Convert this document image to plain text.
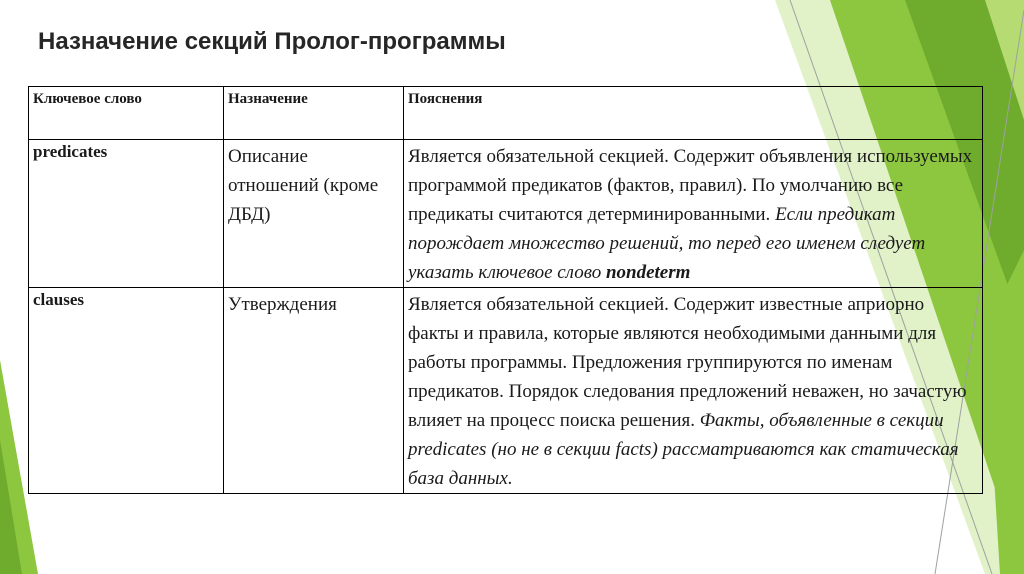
Назначение секций Пролог-программы
Ключевое слово	Назначение	Пояснения
predicates	Описание отношений (кроме ДБД)	Является обязательной секцией. Содержит объявления используемых программой предикатов (фактов, правил). По умолчанию все предикаты считаются детерминированными. Если предикат порождает множество решений, то перед его именем следует указать ключевое слово nondeterm
clauses	Утверждения	Является обязательной секцией. Содержит известные априорно факты и правила, которые являются необходимыми данными для работы программы. Предложения группируются по именам предикатов. Порядок следования предложений неважен, но зачастую влияет на процесс поиска решения. Факты, объявленные в секции predicates (но не в секции facts) рассматриваются как статическая база данных.
